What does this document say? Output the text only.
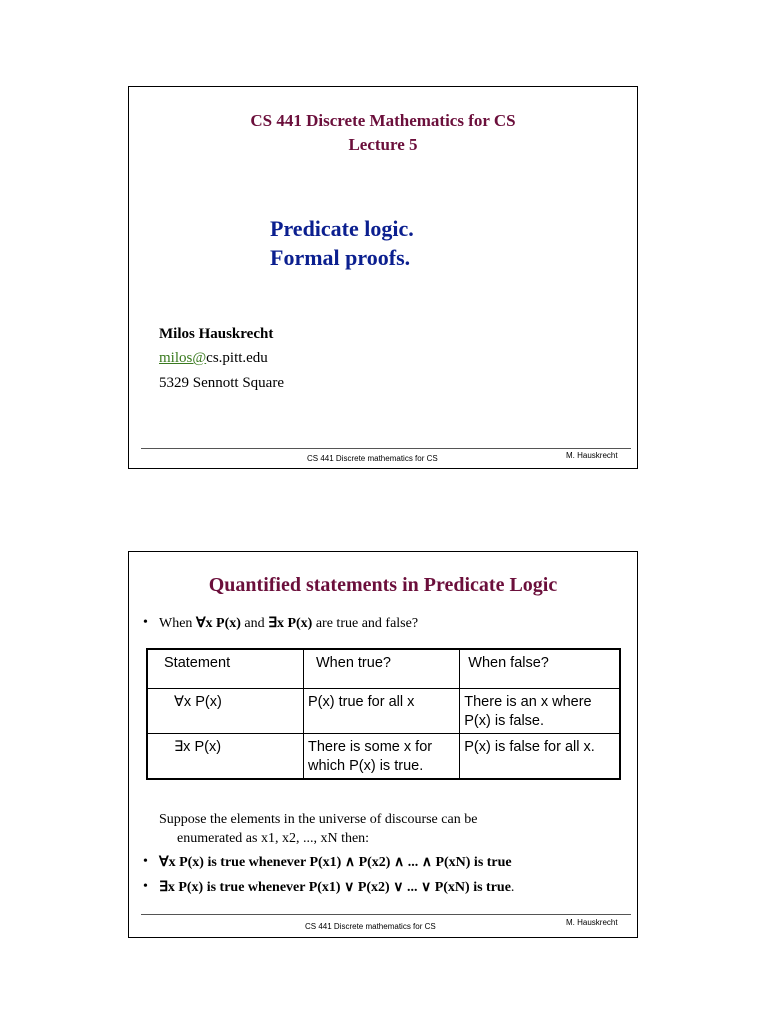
CS 441 Discrete Mathematics for CS
Lecture 5
Predicate logic.
Formal proofs.
Milos Hauskrecht
milos@cs.pitt.edu
5329 Sennott Square
CS 441 Discrete mathematics for CS	M. Hauskrecht
Quantified statements in Predicate Logic
• When ∀x P(x) and ∃x P(x) are true and false?
Statement	When true?	When false?
∀x P(x)	P(x) true for all x	There is an x where P(x) is false.
∃x P(x)	There is some x for which P(x) is true.	P(x) is false for all x.
Suppose the elements in the universe of discourse can be
enumerated as x1, x2, ..., xN then:
• ∀x P(x) is true whenever P(x1) ∧ P(x2) ∧ ... ∧ P(xN) is true
• ∃x P(x) is true whenever P(x1) ∨ P(x2) ∨ ... ∨ P(xN) is true.
CS 441 Discrete mathematics for CS	M. Hauskrecht
